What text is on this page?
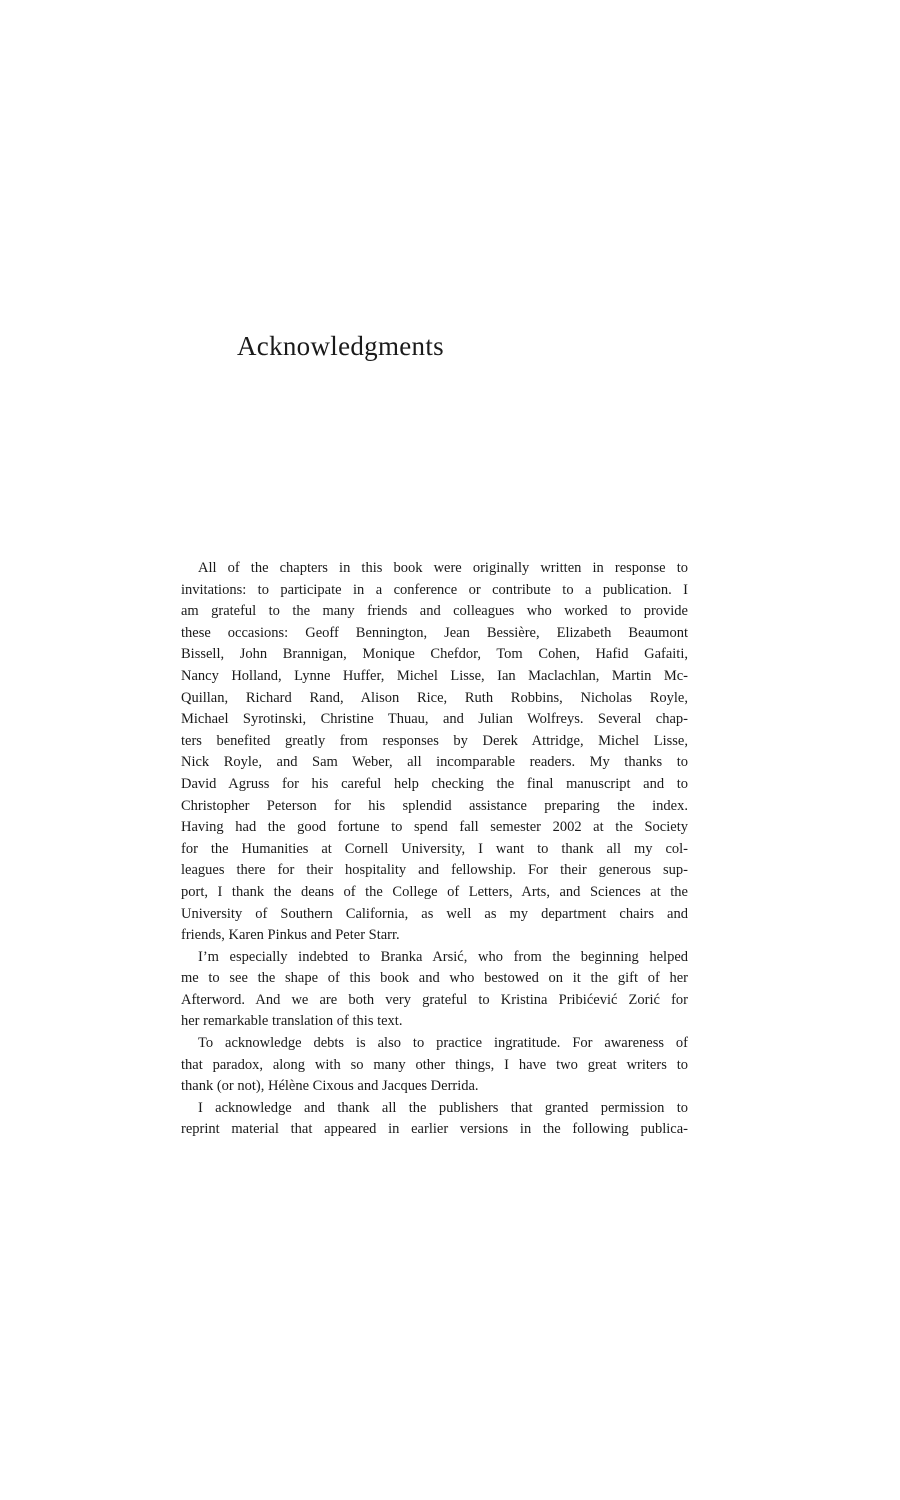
Acknowledgments
All of the chapters in this book were originally written in response to
invitations: to participate in a conference or contribute to a publication. I
am grateful to the many friends and colleagues who worked to provide
these occasions: Geoff Bennington, Jean Bessière, Elizabeth Beaumont
Bissell, John Brannigan, Monique Chefdor, Tom Cohen, Hafid Gafaiti,
Nancy Holland, Lynne Huffer, Michel Lisse, Ian Maclachlan, Martin Mc-
Quillan, Richard Rand, Alison Rice, Ruth Robbins, Nicholas Royle,
Michael Syrotinski, Christine Thuau, and Julian Wolfreys. Several chap-
ters benefited greatly from responses by Derek Attridge, Michel Lisse,
Nick Royle, and Sam Weber, all incomparable readers. My thanks to
David Agruss for his careful help checking the final manuscript and to
Christopher Peterson for his splendid assistance preparing the index.
Having had the good fortune to spend fall semester 2002 at the Society
for the Humanities at Cornell University, I want to thank all my col-
leagues there for their hospitality and fellowship. For their generous sup-
port, I thank the deans of the College of Letters, Arts, and Sciences at the
University of Southern California, as well as my department chairs and
friends, Karen Pinkus and Peter Starr.
I’m especially indebted to Branka Arsić, who from the beginning helped
me to see the shape of this book and who bestowed on it the gift of her
Afterword. And we are both very grateful to Kristina Pribićević Zorić for
her remarkable translation of this text.
To acknowledge debts is also to practice ingratitude. For awareness of
that paradox, along with so many other things, I have two great writers to
thank (or not), Hélène Cixous and Jacques Derrida.
I acknowledge and thank all the publishers that granted permission to
reprint material that appeared in earlier versions in the following publica-
